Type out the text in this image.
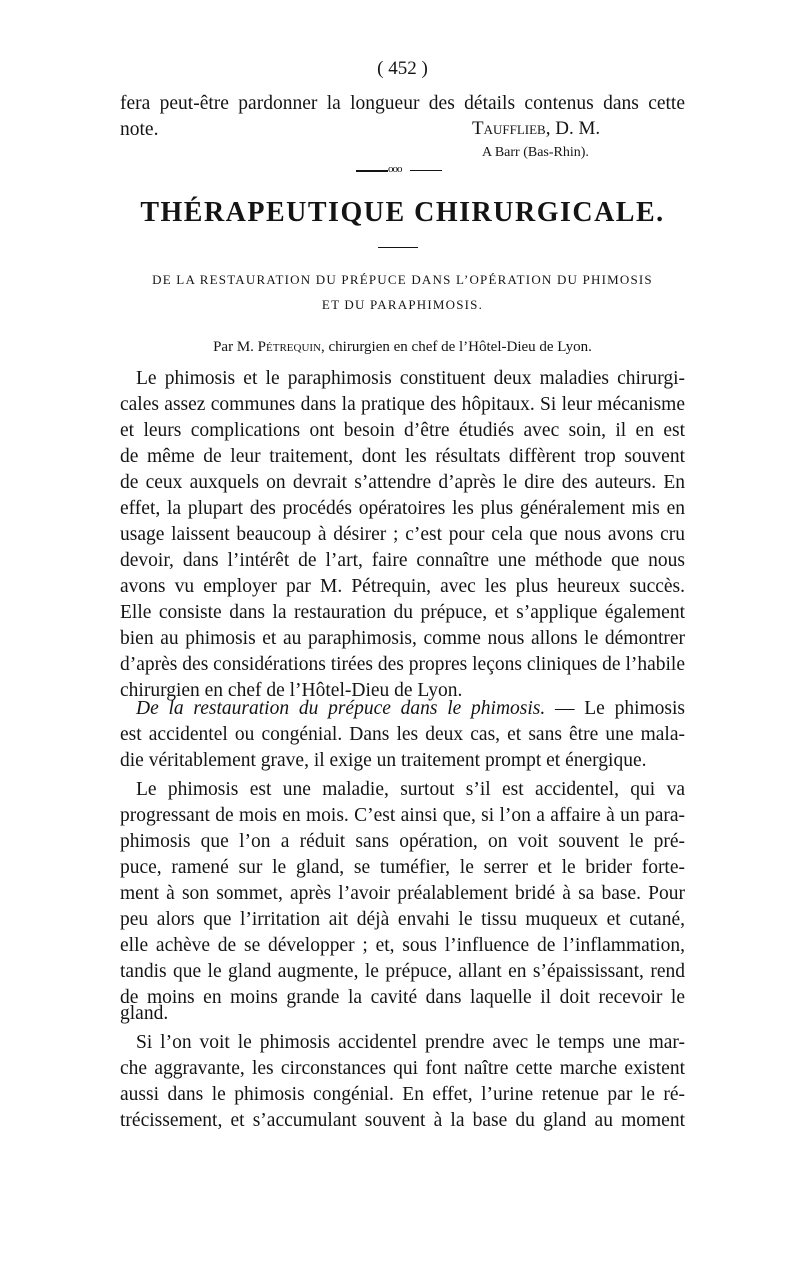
( 452 )
fera peut-être pardonner la longueur des détails contenus dans cette
note.	Taufflieb, D. M.
A Barr (Bas-Rhin).
ooo
THÉRAPEUTIQUE CHIRURGICALE.
DE LA RESTAURATION DU PRÉPUCE DANS L’OPÉRATION DU PHIMOSIS
ET DU PARAPHIMOSIS.
Par M. Pétrequin, chirurgien en chef de l’Hôtel-Dieu de Lyon.
Le phimosis et le paraphimosis constituent deux maladies chirurgi-
cales assez communes dans la pratique des hôpitaux. Si leur mécanisme
et leurs complications ont besoin d’être étudiés avec soin, il en est
de même de leur traitement, dont les résultats diffèrent trop souvent
de ceux auxquels on devrait s’attendre d’après le dire des auteurs. En
effet, la plupart des procédés opératoires les plus généralement mis en
usage laissent beaucoup à désirer ; c’est pour cela que nous avons cru
devoir, dans l’intérêt de l’art, faire connaître une méthode que nous
avons vu employer par M. Pétrequin, avec les plus heureux succès.
Elle consiste dans la restauration du prépuce, et s’applique également
bien au phimosis et au paraphimosis, comme nous allons le démontrer
d’après des considérations tirées des propres leçons cliniques de l’habile
chirurgien en chef de l’Hôtel-Dieu de Lyon.
De la restauration du prépuce dans le phimosis. — Le phimosis
est accidentel ou congénial. Dans les deux cas, et sans être une mala-
die véritablement grave, il exige un traitement prompt et énergique.
Le phimosis est une maladie, surtout s’il est accidentel, qui va
progressant de mois en mois. C’est ainsi que, si l’on a affaire à un para-
phimosis que l’on a réduit sans opération, on voit souvent le pré-
puce, ramené sur le gland, se tuméfier, le serrer et le brider forte-
ment à son sommet, après l’avoir préalablement bridé à sa base. Pour
peu alors que l’irritation ait déjà envahi le tissu muqueux et cutané,
elle achève de se développer ; et, sous l’influence de l’inflammation,
tandis que le gland augmente, le prépuce, allant en s’épaississant, rend
de moins en moins grande la cavité dans laquelle il doit recevoir le
gland.
Si l’on voit le phimosis accidentel prendre avec le temps une mar-
che aggravante, les circonstances qui font naître cette marche existent
aussi dans le phimosis congénial. En effet, l’urine retenue par le ré-
trécissement, et s’accumulant souvent à la base du gland au moment
